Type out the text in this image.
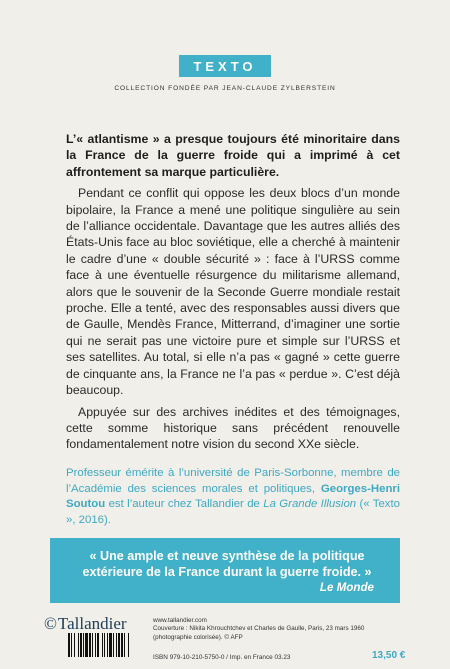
TEXTO
COLLECTION FONDÉE PAR JEAN-CLAUDE ZYLBERSTEIN

L’« atlantisme » a presque toujours été minoritaire dans la France de la guerre froide qui a imprimé à cet affrontement sa marque particulière.

Pendant ce conflit qui oppose les deux blocs d’un monde bipolaire, la France a mené une politique singulière au sein de l’alliance occidentale. Davantage que les autres alliés des États-Unis face au bloc soviétique, elle a cherché à maintenir le cadre d’une « double sécurité » : face à l’URSS comme face à une éventuelle résurgence du militarisme allemand, alors que le souvenir de la Seconde Guerre mondiale restait proche. Elle a tenté, avec des responsables aussi divers que de Gaulle, Mendès France, Mitterrand, d’imaginer une sortie qui ne serait pas une victoire pure et simple sur l’URSS et ses satellites. Au total, si elle n’a pas « gagné » cette guerre de cinquante ans, la France ne l’a pas « perdue ». C’est déjà beaucoup.

Appuyée sur des archives inédites et des témoignages, cette somme historique sans précédent renouvelle fondamentalement notre vision du second XXe siècle.

Professeur émérite à l’université de Paris-Sorbonne, membre de l’Académie des sciences morales et politiques, Georges-Henri Soutou est l’auteur chez Tallandier de La Grande Illusion (« Texto », 2016).
« Une ample et neuve synthèse de la politique extérieure de la France durant la guerre froide. »
Le Monde
© Tallandier	www.tallandier.com
Couverture : Nikita Khrouchtchev et Charles de Gaulle, Paris, 23 mars 1960 (photographie colorisée). © AFP
ISBN 979-10-210-5750-0 / Imp. en France 03.23	13,50 €
